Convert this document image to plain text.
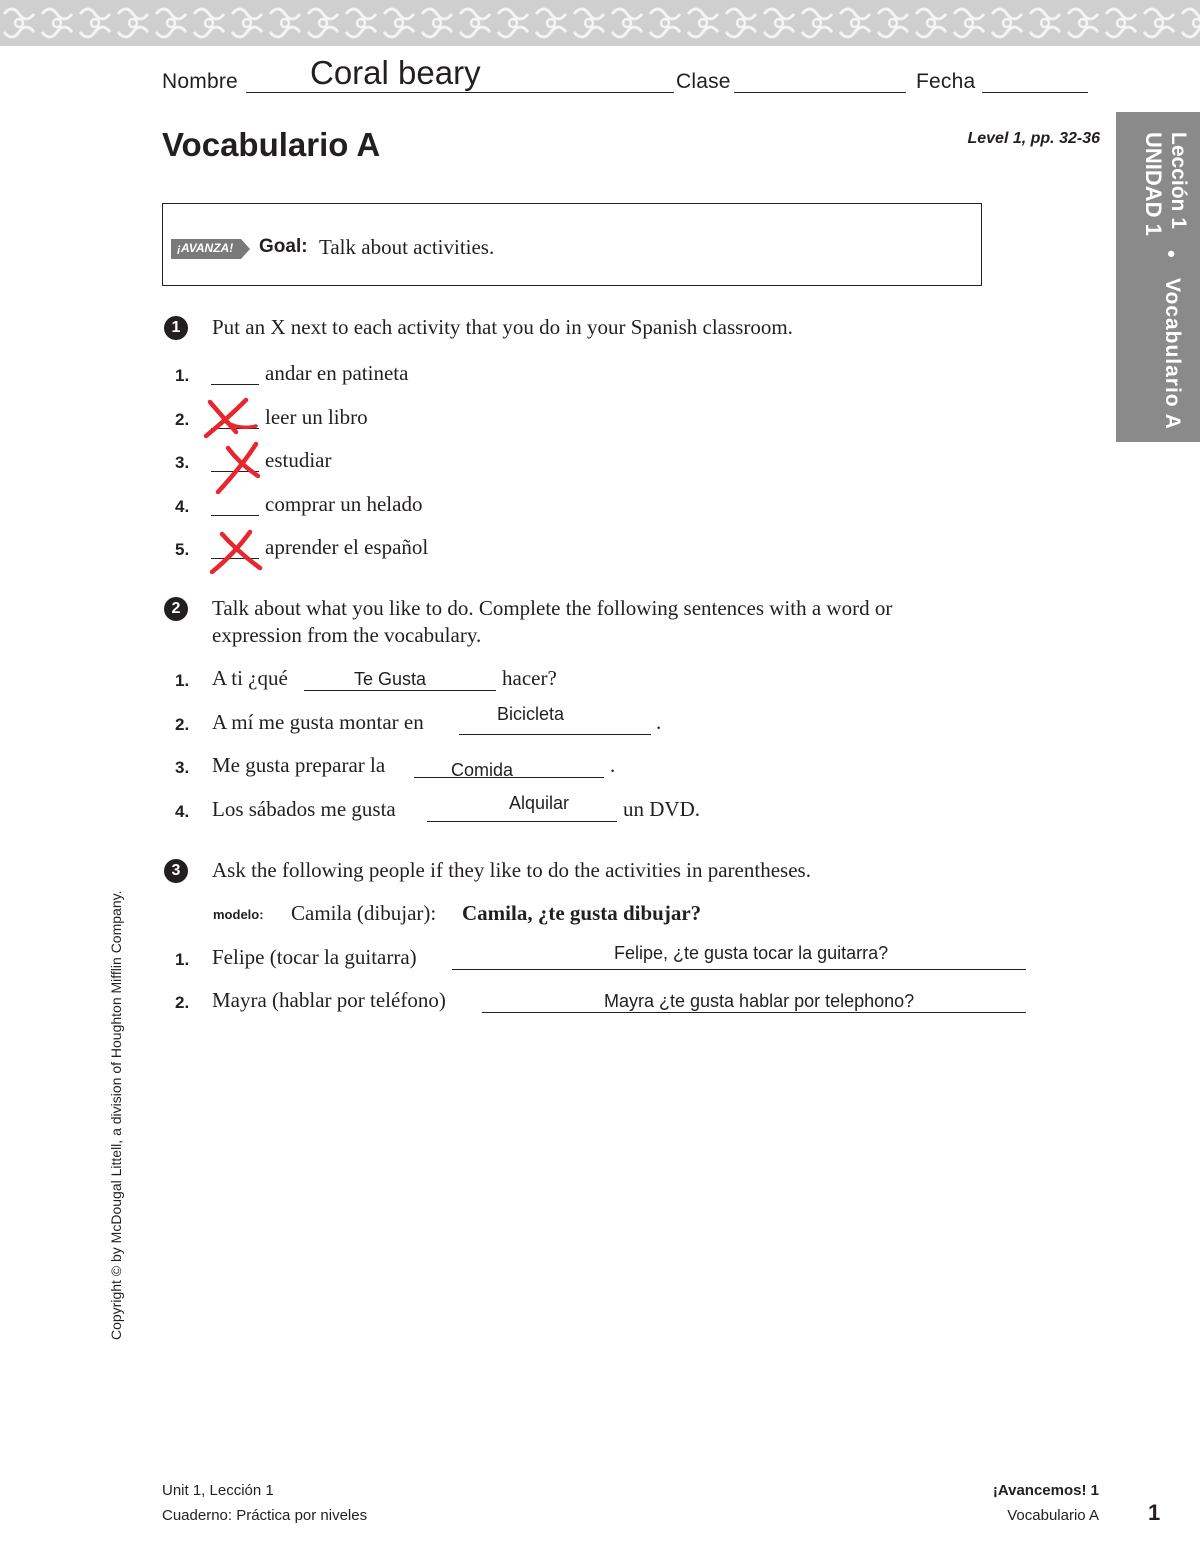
Nombre Coral beary	Clase	Fecha
Vocabulario A	Level 1, pp. 32-36 UNIDAD 1 Lección 1
•
Vocabulario A
¡AVANZA! Goal: Talk about activities.
1	Put an X next to each activity that you do in your Spanish classroom.
1.	andar en patineta
2.	leer un libro
3.	estudiar
4.	comprar un helado
5.	aprender el español
2	Talk about what you like to do. Complete the following sentences with a word or
expression from the vocabulary.
1. A ti ¿qué	Te Gusta	hacer?
2. A mí me gusta montar en	Bicicleta	.
3. Me gusta preparar la	Comida	.
4. Los sábados me gusta	Alquilar	un DVD.
3	Ask the following people if they like to do the activities in parentheses.
modelo: Camila (dibujar): Camila, ¿te gusta dibujar?
1. Felipe (tocar la guitarra)	Felipe, ¿te gusta tocar la guitarra?
2. Mayra (hablar por teléfono)	Mayra ¿te gusta hablar por telephono?
Copyright © by McDougal Littell, a division of Houghton Mifflin Company.
Unit 1, Lección 1
Cuaderno: Práctica por niveles
¡Avancemos! 1
Vocabulario A 1
